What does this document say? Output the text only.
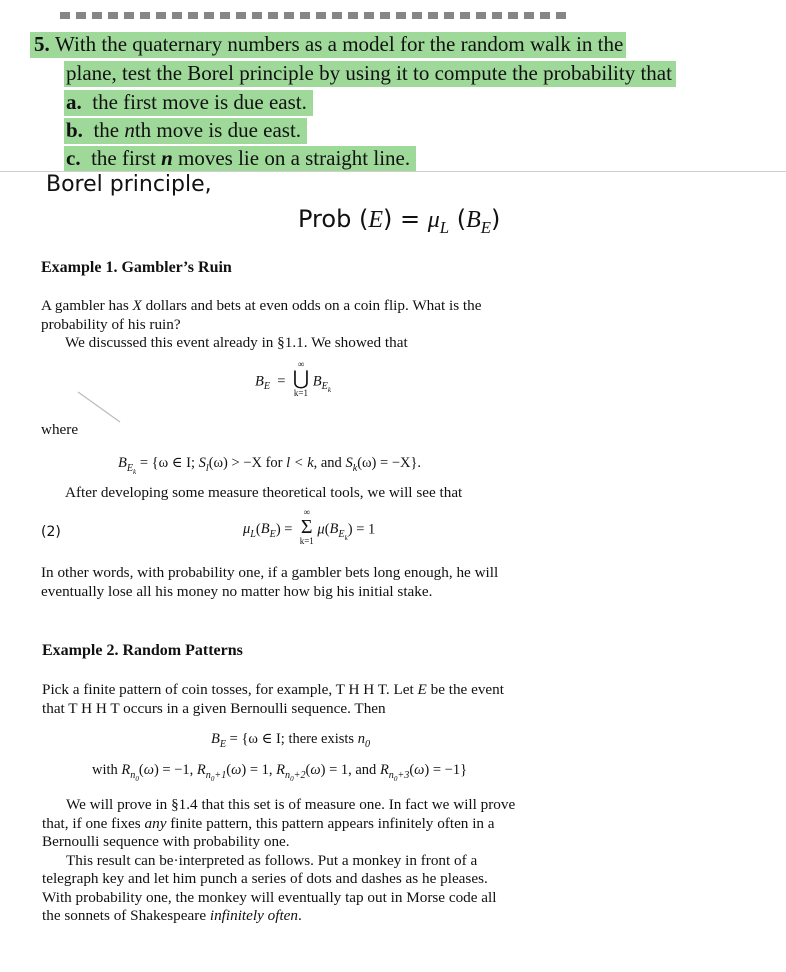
5. With the quaternary numbers as a model for the random walk in the
plane, test the Borel principle by using it to compute the probability that
a. the first move is due east.
b. the nth move is due east.
c. the first n moves lie on a straight line.
Borel principle,
Prob $(E) = \mu_L$ $(B_E)$
Example 1. Gambler’s Ruin
A gambler has X dollars and bets at even odds on a coin flip. What is the
probability of his ruin?
We discussed this event already in §1.1. We showed that
$B_E$  =
∞
⋃
k=1
$B_{E_k}$
where
$B_{E_k} = \{\omega$ ∈ I; $S_l(\omega) > -X$ for l < k, and $S_k(\omega) = -X$}.
After developing some measure theoretical tools, we will see that
(2)	$\mu_L(B_E)$ =
∞
Σ
k=1
$\mu(B_{E_k}) = 1$
In other words, with probability one, if a gambler bets long enough, he will
eventually lose all his money no matter how big his initial stake.
Example 2. Random Patterns
Pick a finite pattern of coin tosses, for example, T H H T. Let E be the event
that T H H T occurs in a given Bernoulli sequence. Then
$B_E = \{\omega$ ∈ I; there exists $n_0$
with $R_{n_0}(\omega) = -1$, $R_{n_0+1}(\omega) = 1$, $R_{n_0+2}(\omega) = 1$, and $R_{n_0+3}(\omega) = -1$}
We will prove in §1.4 that this set is of measure one. In fact we will prove
that, if one fixes any finite pattern, this pattern appears infinitely often in a
Bernoulli sequence with probability one.
This result can be·interpreted as follows. Put a monkey in front of a
telegraph key and let him punch a series of dots and dashes as he pleases.
With probability one, the monkey will eventually tap out in Morse code all
the sonnets of Shakespeare infinitely often.
